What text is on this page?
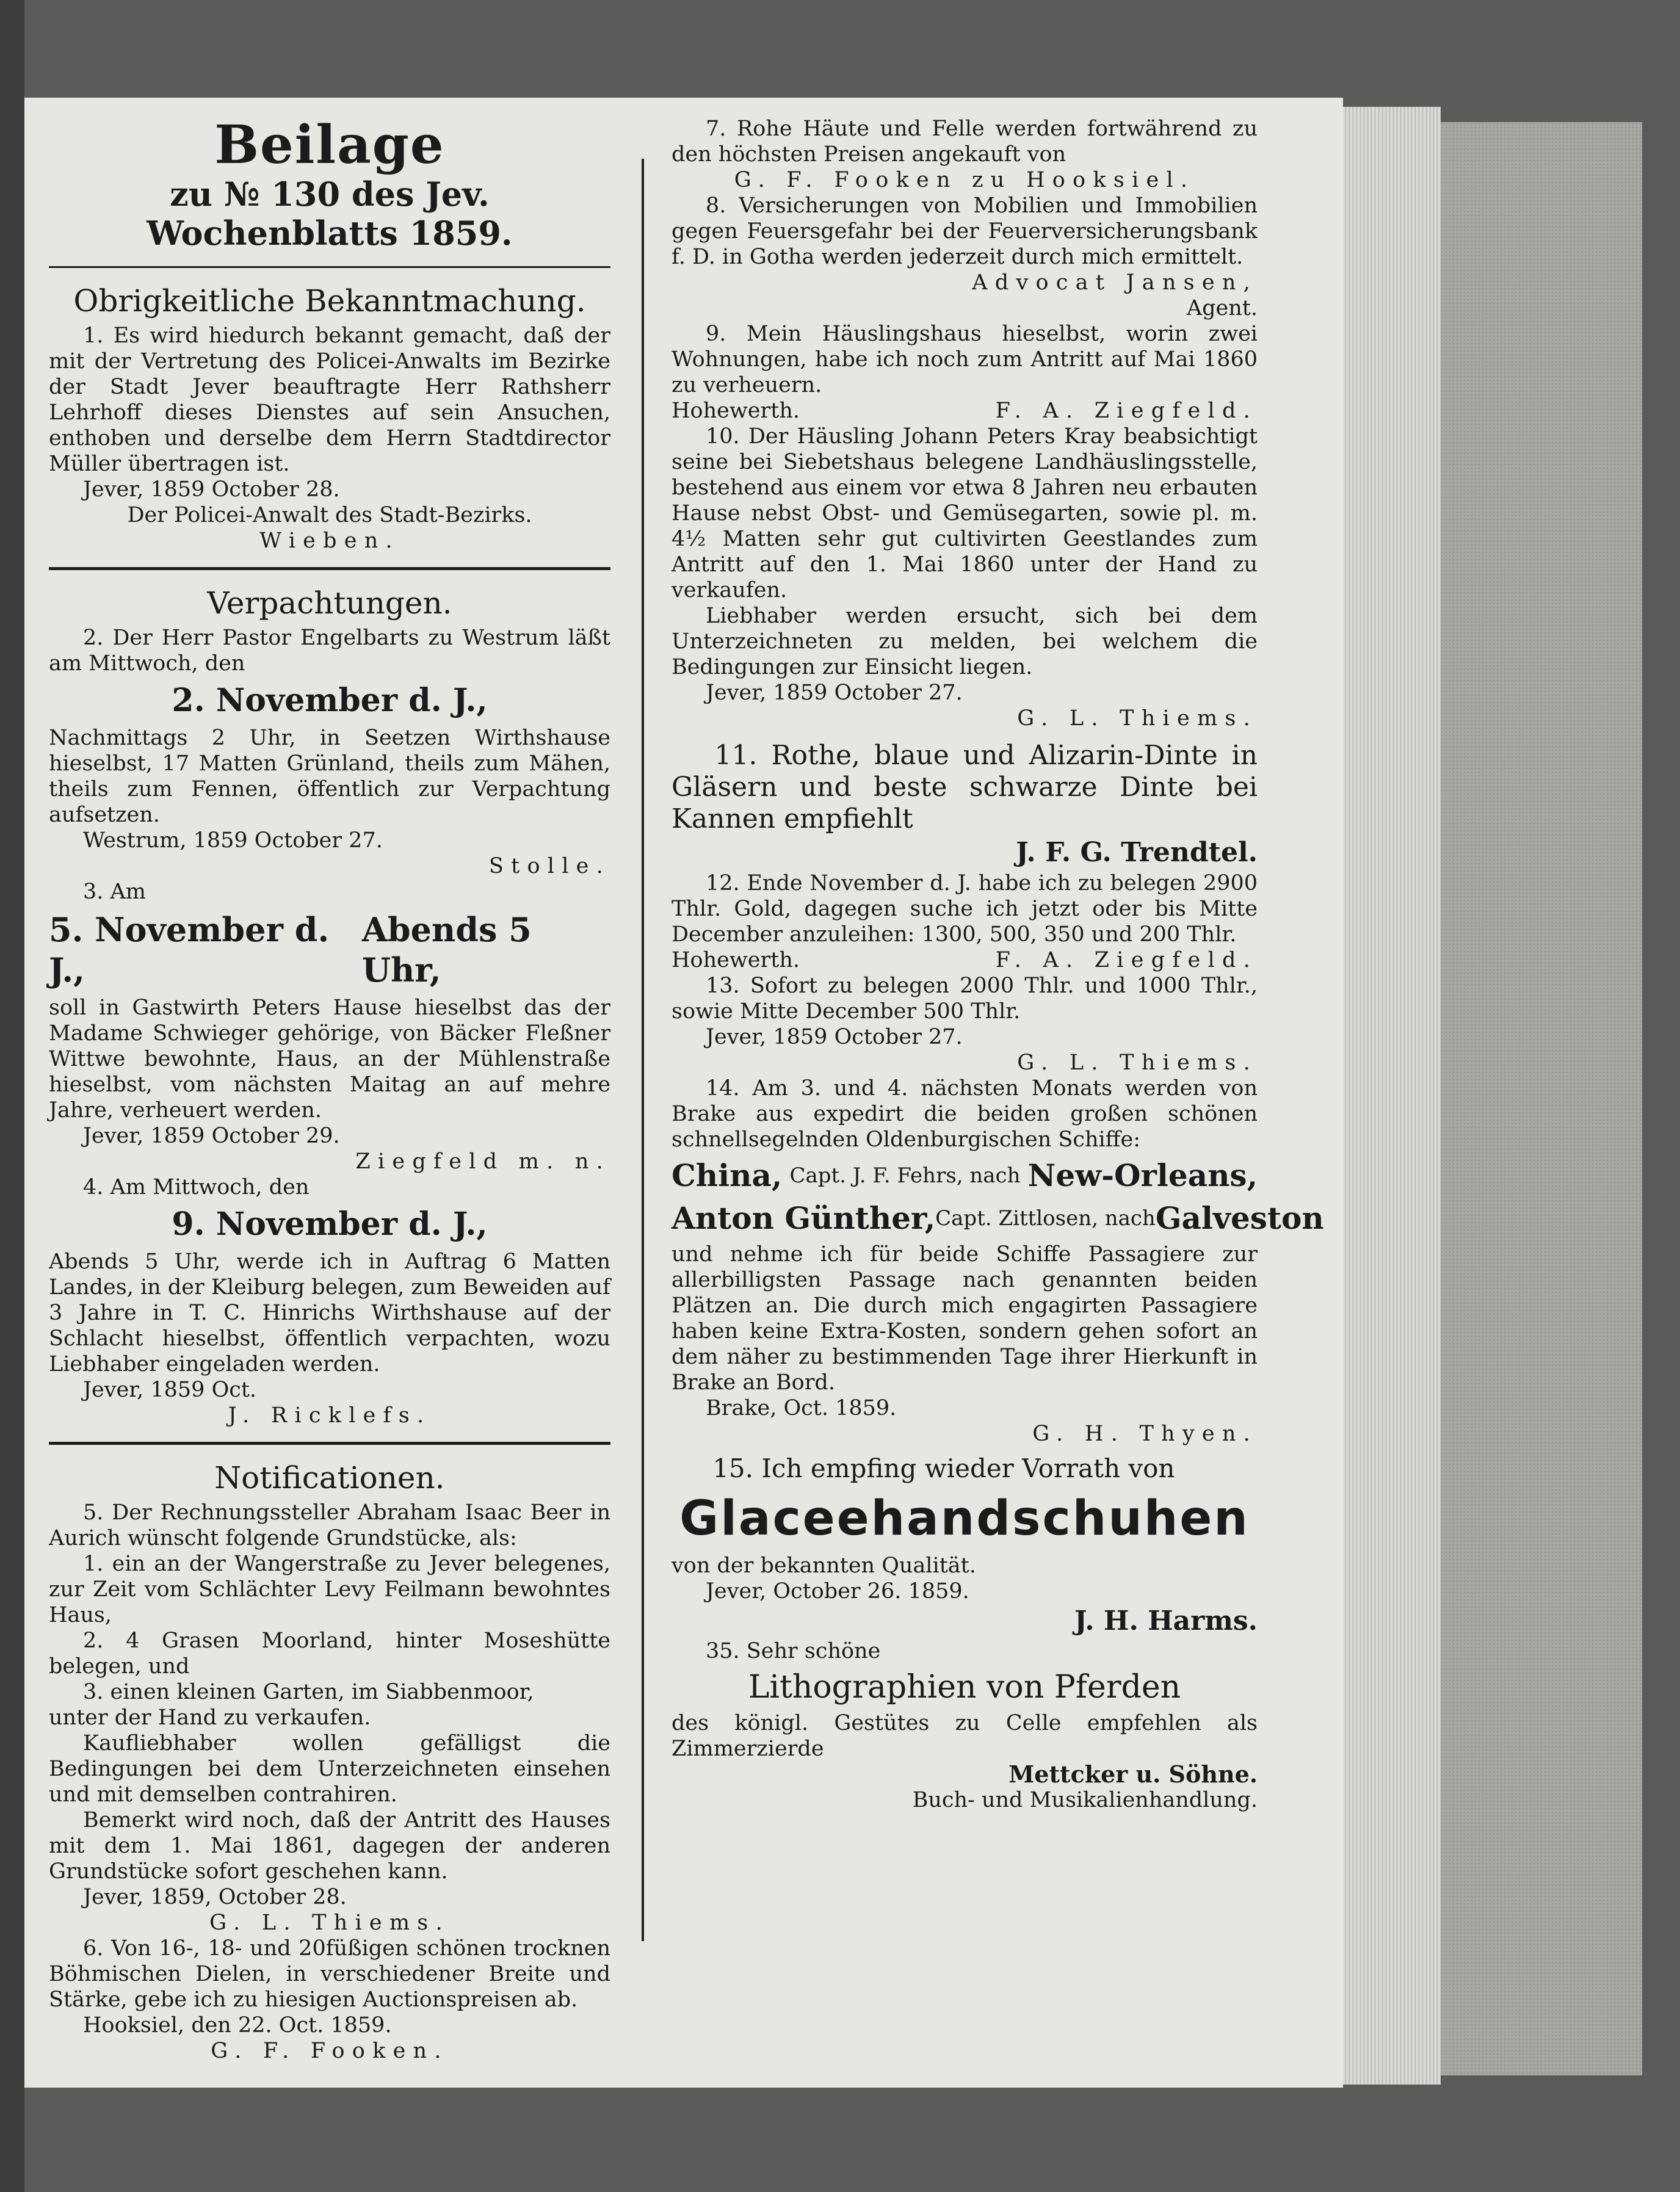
Beilage

zu № 130 des Jev. Wochenblatts 1859.

Obrigkeitliche Bekanntmachung.

1. Es wird hiedurch bekannt gemacht, daß der mit der Vertretung des Policei-Anwalts im Bezirke der Stadt Jever beauftragte Herr Rathsherr Lehrhoff dieses Dienstes auf sein Ansuchen, enthoben und derselbe dem Herrn Stadtdirector Müller übertragen ist.

Jever, 1859 October 28.

Der Policei-Anwalt des Stadt-Bezirks.

Wieben.

Verpachtungen.

2. Der Herr Pastor Engelbarts zu Westrum läßt am Mittwoch, den

2. November d. J.,

Nachmittags 2 Uhr, in Seetzen Wirthshause hieselbst, 17 Matten Grünland, theils zum Mähen, theils zum Fennen, öffentlich zur Verpachtung aufsetzen.

Westrum, 1859 October 27.

Stolle.

3. Am

5. November d. J.,
Abends 5 Uhr,

soll in Gastwirth Peters Hause hieselbst das der Madame Schwieger gehörige, von Bäcker Fleßner Wittwe bewohnte, Haus, an der Mühlenstraße hieselbst, vom nächsten Maitag an auf mehre Jahre, verheuert werden.

Jever, 1859 October 29.

Ziegfeld m. n.

4. Am Mittwoch, den

9. November d. J.,

Abends 5 Uhr, werde ich in Auftrag 6 Matten Landes, in der Kleiburg belegen, zum Beweiden auf 3 Jahre in T. C. Hinrichs Wirthshause auf der Schlacht hieselbst, öffentlich verpachten, wozu Liebhaber eingeladen werden.

Jever, 1859 Oct.

J. Ricklefs.

Notificationen.

5. Der Rechnungssteller Abraham Isaac Beer in Aurich wünscht folgende Grundstücke, als:

1. ein an der Wangerstraße zu Jever belegenes, zur Zeit vom Schlächter Levy Feilmann bewohntes Haus,

2. 4 Grasen Moorland, hinter Moseshütte belegen, und

3. einen kleinen Garten, im Siabbenmoor,

unter der Hand zu verkaufen.

Kaufliebhaber wollen gefälligst die Bedingungen bei dem Unterzeichneten einsehen und mit demselben contrahiren.

Bemerkt wird noch, daß der Antritt des Hauses mit dem 1. Mai 1861, dagegen der anderen Grundstücke sofort geschehen kann.

Jever, 1859, October 28.

G. L. Thiems.

6. Von 16-, 18- und 20füßigen schönen trocknen Böhmischen Dielen, in verschiedener Breite und Stärke, gebe ich zu hiesigen Auctionspreisen ab.

Hooksiel, den 22. Oct. 1859.

G. F. Fooken.

7. Rohe Häute und Felle werden fortwährend zu den höchsten Preisen angekauft von

G. F. Fooken zu Hooksiel.

8. Versicherungen von Mobilien und Immobilien gegen Feuersgefahr bei der Feuerversicherungsbank f. D. in Gotha werden jederzeit durch mich ermittelt.

Advocat Jansen,

Agent.

9. Mein Häuslingshaus hieselbst, worin zwei Wohnungen, habe ich noch zum Antritt auf Mai 1860 zu verheuern.

Hohewerth.	F. A. Ziegfeld.

10. Der Häusling Johann Peters Kray beabsichtigt seine bei Siebetshaus belegene Landhäuslingsstelle, bestehend aus einem vor etwa 8 Jahren neu erbauten Hause nebst Obst- und Gemüsegarten, sowie pl. m. 4½ Matten sehr gut cultivirten Geestlandes zum Antritt auf den 1. Mai 1860 unter der Hand zu verkaufen.

Liebhaber werden ersucht, sich bei dem Unterzeichneten zu melden, bei welchem die Bedingungen zur Einsicht liegen.

Jever, 1859 October 27.

G. L. Thiems.

11. Rothe, blaue und Alizarin-Dinte in Gläsern und beste schwarze Dinte bei Kannen empfiehlt

J. F. G. Trendtel.

12. Ende November d. J. habe ich zu belegen 2900 Thlr. Gold, dagegen suche ich jetzt oder bis Mitte December anzuleihen: 1300, 500, 350 und 200 Thlr.

Hohewerth.	F. A. Ziegfeld.

13. Sofort zu belegen 2000 Thlr. und 1000 Thlr., sowie Mitte December 500 Thlr.

Jever, 1859 October 27.

G. L. Thiems.

14. Am 3. und 4. nächsten Monats werden von Brake aus expedirt die beiden großen schönen schnellsegelnden Oldenburgischen Schiffe:

China, Capt. J. F. Fehrs, nach New-Orleans,
Anton Günther, Capt. Zittlosen, nach Galveston

und nehme ich für beide Schiffe Passagiere zur allerbilligsten Passage nach genannten beiden Plätzen an. Die durch mich engagirten Passagiere haben keine Extra-Kosten, sondern gehen sofort an dem näher zu bestimmenden Tage ihrer Hierkunft in Brake an Bord.

Brake, Oct. 1859.

G. H. Thyen.

15. Ich empfing wieder Vorrath von

Glaceehandschuhen

von der bekannten Qualität.

Jever, October 26. 1859.

J. H. Harms.

35. Sehr schöne

Lithographien von Pferden

des königl. Gestütes zu Celle empfehlen als Zimmerzierde

Mettcker u. Söhne.

Buch- und Musikalienhandlung.
